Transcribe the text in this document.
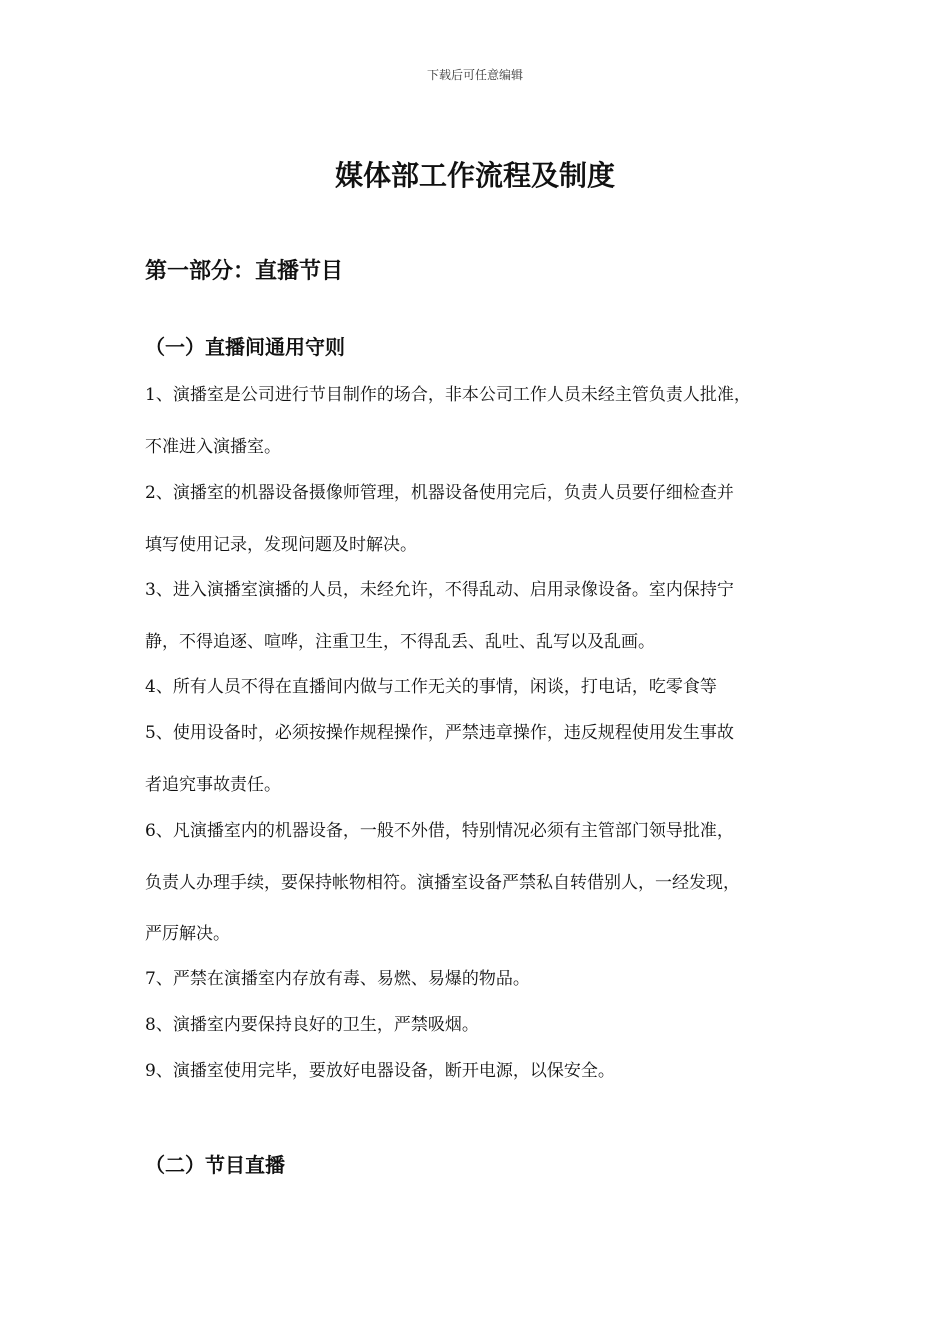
下载后可任意编辑
媒体部工作流程及制度
第一部分：直播节目
（一）直播间通用守则
1、演播室是公司进行节目制作的场合，非本公司工作人员未经主管负责人批准，
不准进入演播室。
2、演播室的机器设备摄像师管理，机器设备使用完后，负责人员要仔细检查并
填写使用记录，发现问题及时解决。
3、进入演播室演播的人员，未经允许，不得乱动、启用录像设备。室内保持宁
静，不得追逐、喧哗，注重卫生，不得乱丢、乱吐、乱写以及乱画。
4、所有人员不得在直播间内做与工作无关的事情，闲谈，打电话，吃零食等
5、使用设备时，必须按操作规程操作，严禁违章操作，违反规程使用发生事故
者追究事故责任。
6、凡演播室内的机器设备，一般不外借，特别情况必须有主管部门领导批准，
负责人办理手续，要保持帐物相符。演播室设备严禁私自转借别人，一经发现，
严厉解决。
7、严禁在演播室内存放有毒、易燃、易爆的物品。
8、演播室内要保持良好的卫生，严禁吸烟。
9、演播室使用完毕，要放好电器设备，断开电源，以保安全。
（二）节目直播
